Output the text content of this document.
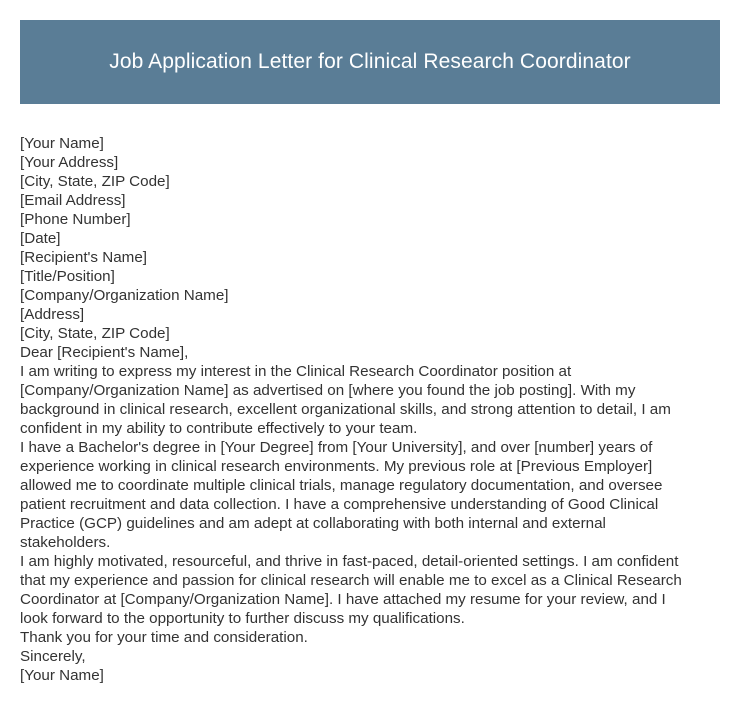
Job Application Letter for Clinical Research Coordinator
[Your Name]
[Your Address]
[City, State, ZIP Code]
[Email Address]
[Phone Number]
[Date]
[Recipient's Name]
[Title/Position]
[Company/Organization Name]
[Address]
[City, State, ZIP Code]
Dear [Recipient's Name],
I am writing to express my interest in the Clinical Research Coordinator position at
[Company/Organization Name] as advertised on [where you found the job posting]. With my
background in clinical research, excellent organizational skills, and strong attention to detail, I am
confident in my ability to contribute effectively to your team.
I have a Bachelor's degree in [Your Degree] from [Your University], and over [number] years of
experience working in clinical research environments. My previous role at [Previous Employer]
allowed me to coordinate multiple clinical trials, manage regulatory documentation, and oversee
patient recruitment and data collection. I have a comprehensive understanding of Good Clinical
Practice (GCP) guidelines and am adept at collaborating with both internal and external
stakeholders.
I am highly motivated, resourceful, and thrive in fast-paced, detail-oriented settings. I am confident
that my experience and passion for clinical research will enable me to excel as a Clinical Research
Coordinator at [Company/Organization Name]. I have attached my resume for your review, and I
look forward to the opportunity to further discuss my qualifications.
Thank you for your time and consideration.
Sincerely,
[Your Name]
